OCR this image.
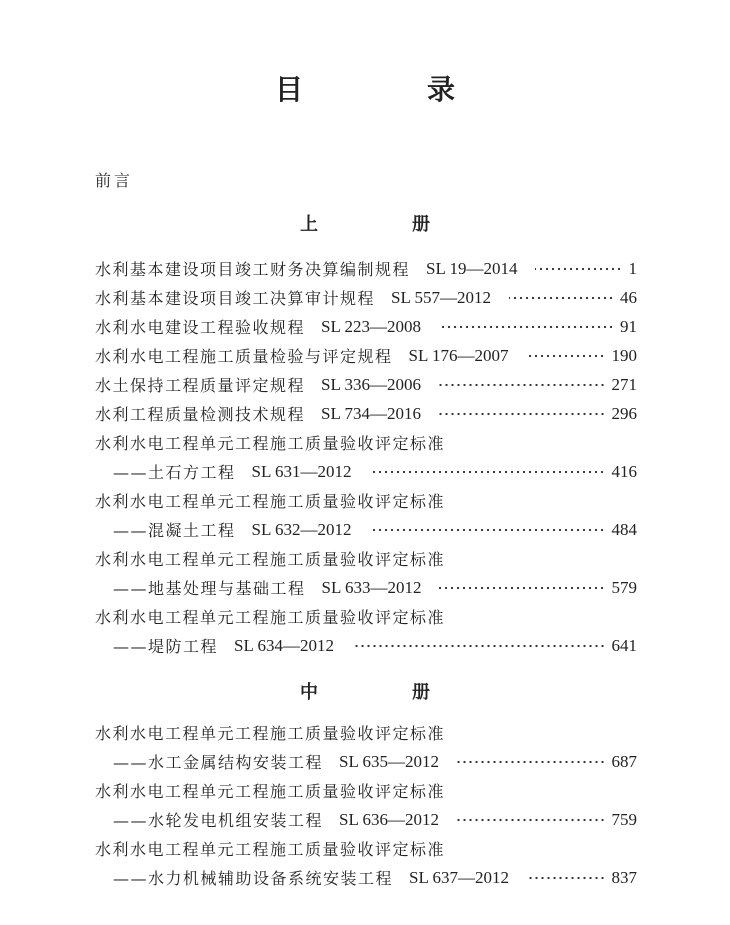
目　录
前言
上　册
水利基本建设项目竣工财务决算编制规程 SL 19—2014	1
水利基本建设项目竣工决算审计规程 SL 557—2012	46
水利水电建设工程验收规程 SL 223—2008	91
水利水电工程施工质量检验与评定规程 SL 176—2007	190
水土保持工程质量评定规程 SL 336—2006	271
水利工程质量检测技术规程 SL 734—2016	296
水利水电工程单元工程施工质量验收评定标准
——土石方工程 SL 631—2012	416
水利水电工程单元工程施工质量验收评定标准
——混凝土工程 SL 632—2012	484
水利水电工程单元工程施工质量验收评定标准
——地基处理与基础工程 SL 633—2012	579
水利水电工程单元工程施工质量验收评定标准
——堤防工程 SL 634—2012	641
中　册
水利水电工程单元工程施工质量验收评定标准
——水工金属结构安装工程 SL 635—2012	687
水利水电工程单元工程施工质量验收评定标准
——水轮发电机组安装工程 SL 636—2012	759
水利水电工程单元工程施工质量验收评定标准
——水力机械辅助设备系统安装工程 SL 637—2012	837
